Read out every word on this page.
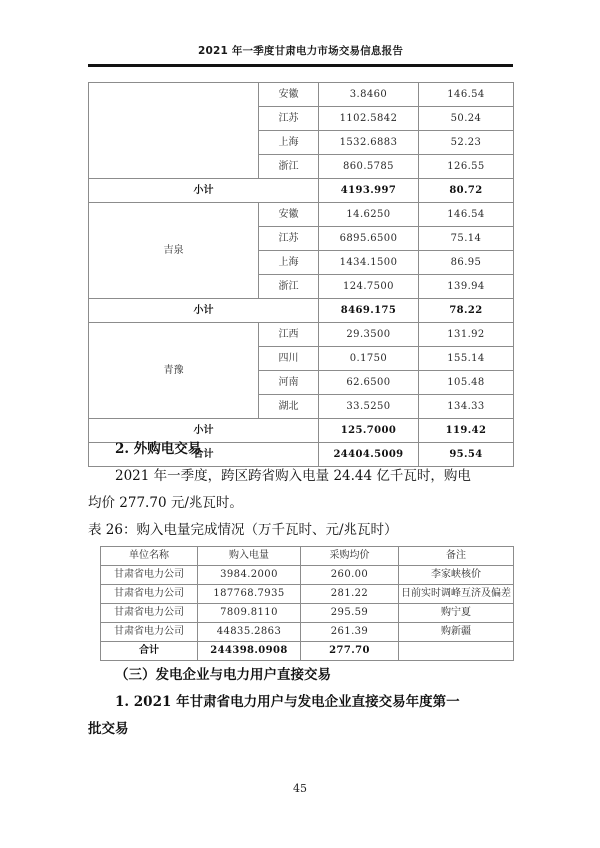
2021 年一季度甘肃电力市场交易信息报告
	安徽	3.8460	146.54
	江苏	1102.5842	50.24
	上海	1532.6883	52.23
	浙江	860.5785	126.55
小计		4193.997	80.72
吉泉	安徽	14.6250	146.54
	江苏	6895.6500	75.14
	上海	1434.1500	86.95
	浙江	124.7500	139.94
小计		8469.175	78.22
青豫	江西	29.3500	131.92
	四川	0.1750	155.14
	河南	62.6500	105.48
	湖北	33.5250	134.33
小计		125.7000	119.42
合计		24404.5009	95.54

2. 外购电交易

2021 年一季度，跨区跨省购入电量 24.44 亿千瓦时，购电

均价 277.70 元/兆瓦时。

表 26：购入电量完成情况（万千瓦时、元/兆瓦时）

单位名称	购入电量	采购均价	备注
甘肃省电力公司	3984.2000	260.00	李家峡核价
甘肃省电力公司	187768.7935	281.22	日前实时调峰互济及偏差
甘肃省电力公司	7809.8110	295.59	购宁夏
甘肃省电力公司	44835.2863	261.39	购新疆
合计	244398.0908	277.70	

（三）发电企业与电力用户直接交易

1. 2021 年甘肃省电力用户与发电企业直接交易年度第一

批交易

45
